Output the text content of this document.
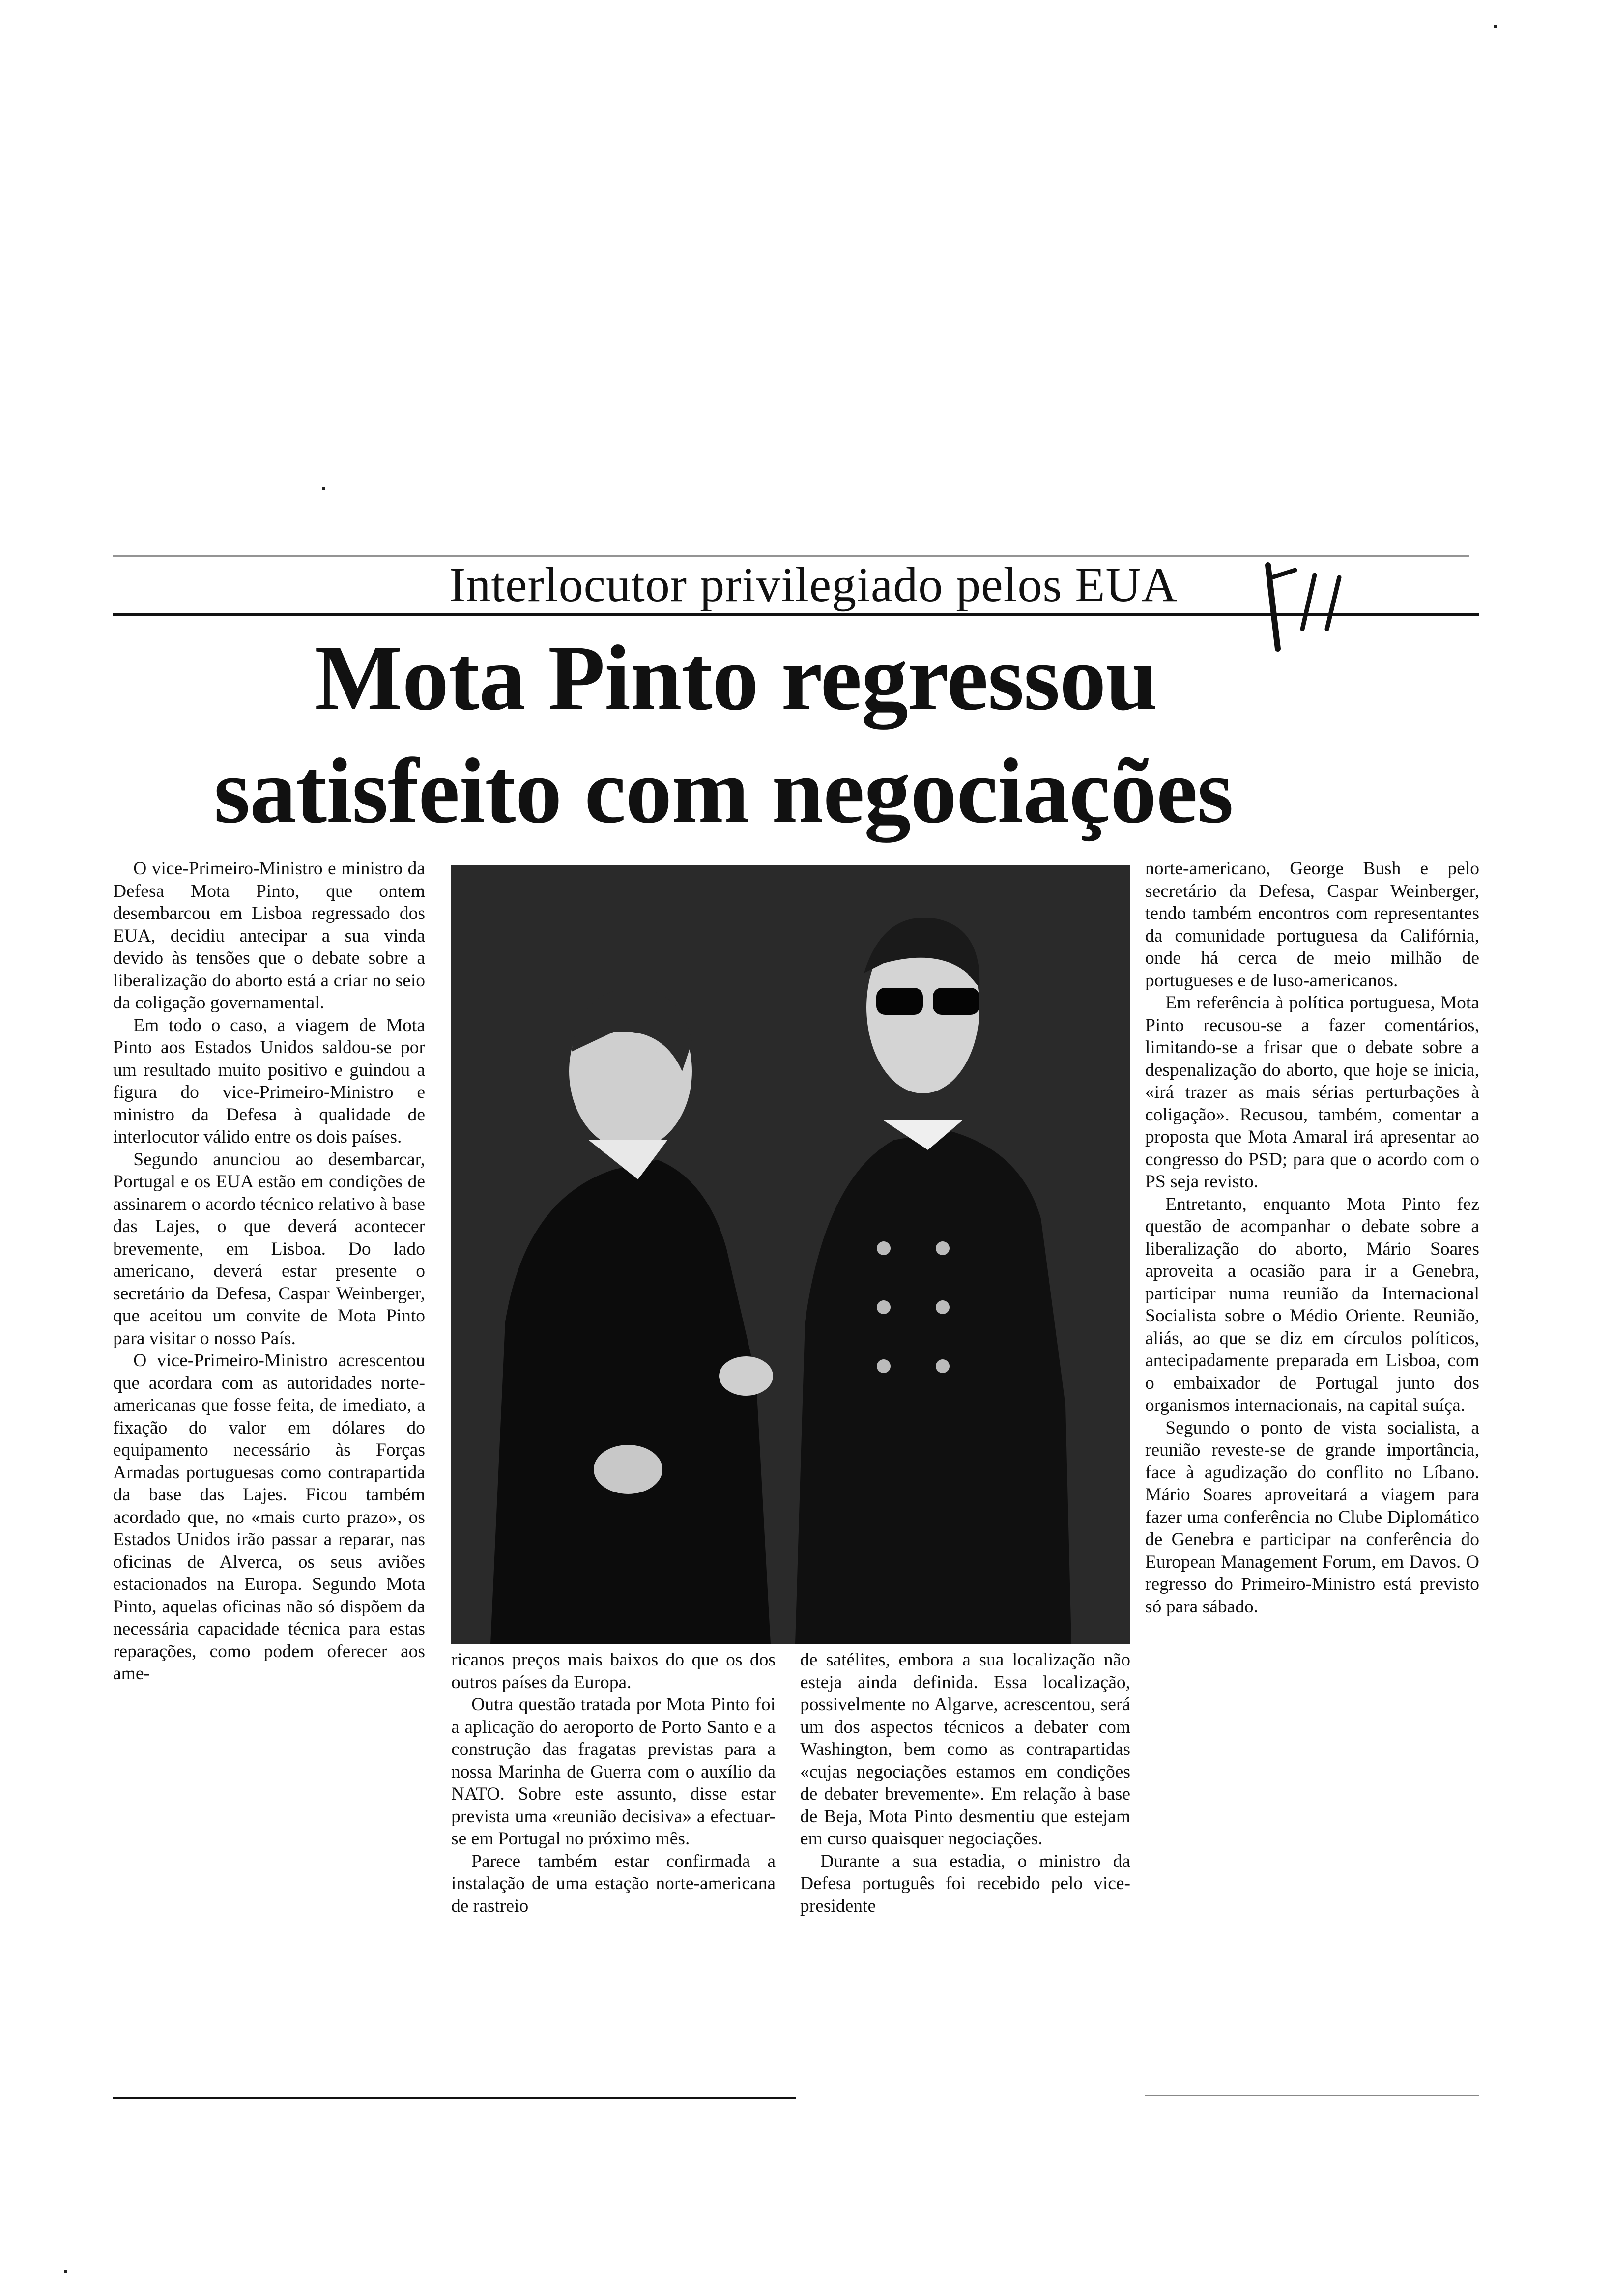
Interlocutor privilegiado pelos EUA
Mota Pinto regressou
satisfeito com negociações

O vice-Primeiro-Ministro e ministro da Defesa Mota Pinto, que ontem desembarcou em Lisboa regressado dos EUA, decidiu antecipar a sua vinda devido às tensões que o debate sobre a liberalização do aborto está a criar no seio da coligação governamental.

Em todo o caso, a viagem de Mota Pinto aos Estados Unidos saldou-se por um resultado muito positivo e guindou a figura do vice-Primeiro-Ministro e ministro da Defesa à qualidade de interlocutor válido entre os dois países.

Segundo anunciou ao desembarcar, Portugal e os EUA estão em condições de assinarem o acordo técnico relativo à base das Lajes, o que deverá acontecer brevemente, em Lisboa. Do lado americano, deverá estar presente o secretário da Defesa, Caspar Weinberger, que aceitou um convite de Mota Pinto para visitar o nosso País.

O vice-Primeiro-Ministro acrescentou que acordara com as autoridades norte-americanas que fosse feita, de imediato, a fixação do valor em dólares do equipamento necessário às Forças Armadas portuguesas como contrapartida da base das Lajes. Ficou também acordado que, no «mais curto prazo», os Estados Unidos irão passar a reparar, nas oficinas de Alverca, os seus aviões estacionados na Europa. Segundo Mota Pinto, aquelas oficinas não só dispõem da necessária capacidade técnica para estas reparações, como podem oferecer aos ame-

ricanos preços mais baixos do que os dos outros países da Europa.

Outra questão tratada por Mota Pinto foi a aplicação do aeroporto de Porto Santo e a construção das fragatas previstas para a nossa Marinha de Guerra com o auxílio da NATO. Sobre este assunto, disse estar prevista uma «reunião decisiva» a efectuar-se em Portugal no próximo mês.

Parece também estar confirmada a instalação de uma estação norte-americana de rastreio

de satélites, embora a sua localização não esteja ainda definida. Essa localização, possivelmente no Algarve, acrescentou, será um dos aspectos técnicos a debater com Washington, bem como as contrapartidas «cujas negociações estamos em condições de debater brevemente». Em relação à base de Beja, Mota Pinto desmentiu que estejam em curso quaisquer negociações.

Durante a sua estadia, o ministro da Defesa português foi recebido pelo vice-presidente

norte-americano, George Bush e pelo secretário da Defesa, Caspar Weinberger, tendo também encontros com representantes da comunidade portuguesa da Califórnia, onde há cerca de meio milhão de portugueses e de luso-americanos.

Em referência à política portuguesa, Mota Pinto recusou-se a fazer comentários, limitando-se a frisar que o debate sobre a despenalização do aborto, que hoje se inicia, «irá trazer as mais sérias perturbações à coligação». Recusou, também, comentar a proposta que Mota Amaral irá apresentar ao congresso do PSD; para que o acordo com o PS seja revisto.

Entretanto, enquanto Mota Pinto fez questão de acompanhar o debate sobre a liberalização do aborto, Mário Soares aproveita a ocasião para ir a Genebra, participar numa reunião da Internacional Socialista sobre o Médio Oriente. Reunião, aliás, ao que se diz em círculos políticos, antecipadamente preparada em Lisboa, com o embaixador de Portugal junto dos organismos internacionais, na capital suíça.

Segundo o ponto de vista socialista, a reunião reveste-se de grande importância, face à agudização do conflito no Líbano. Mário Soares aproveitará a viagem para fazer uma conferência no Clube Diplomático de Genebra e participar na conferência do European Management Forum, em Davos. O regresso do Primeiro-Ministro está previsto só para sábado.
